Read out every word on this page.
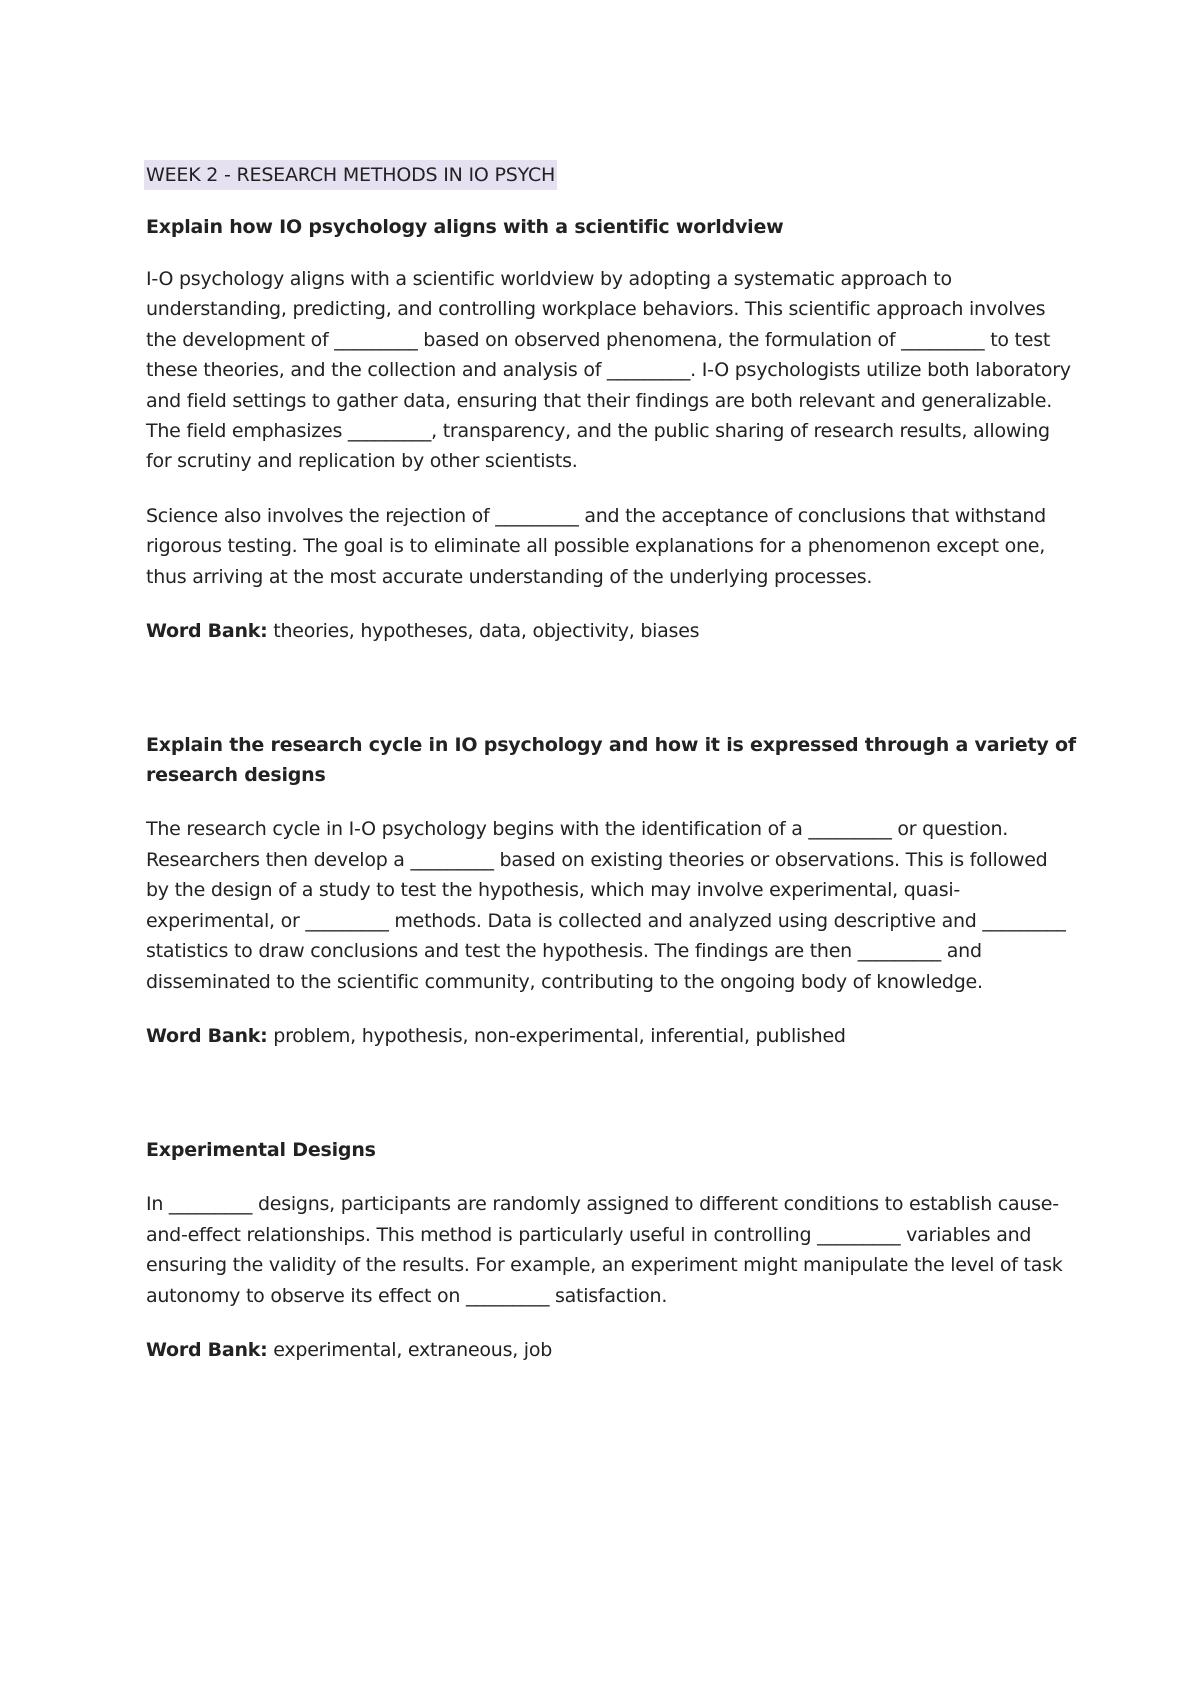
WEEK 2 - RESEARCH METHODS IN IO PSYCH
Explain how IO psychology aligns with a scientific worldview

I-O psychology aligns with a scientific worldview by adopting a systematic approach to understanding, predicting, and controlling workplace behaviors. This scientific approach involves the development of _________ based on observed phenomena, the formulation of _________ to test these theories, and the collection and analysis of _________. I-O psychologists utilize both laboratory and field settings to gather data, ensuring that their findings are both relevant and generalizable. The field emphasizes _________, transparency, and the public sharing of research results, allowing for scrutiny and replication by other scientists.

Science also involves the rejection of _________ and the acceptance of conclusions that withstand rigorous testing. The goal is to eliminate all possible explanations for a phenomenon except one, thus arriving at the most accurate understanding of the underlying processes.

Word Bank: theories, hypotheses, data, objectivity, biases

Explain the research cycle in IO psychology and how it is expressed through a variety of research designs

The research cycle in I-O psychology begins with the identification of a _________ or question. Researchers then develop a _________ based on existing theories or observations. This is followed by the design of a study to test the hypothesis, which may involve experimental, quasi-experimental, or _________ methods. Data is collected and analyzed using descriptive and _________ statistics to draw conclusions and test the hypothesis. The findings are then _________ and disseminated to the scientific community, contributing to the ongoing body of knowledge.

Word Bank: problem, hypothesis, non-experimental, inferential, published

Experimental Designs

In _________ designs, participants are randomly assigned to different conditions to establish cause-and-effect relationships. This method is particularly useful in controlling _________ variables and ensuring the validity of the results. For example, an experiment might manipulate the level of task autonomy to observe its effect on _________ satisfaction.

Word Bank: experimental, extraneous, job
